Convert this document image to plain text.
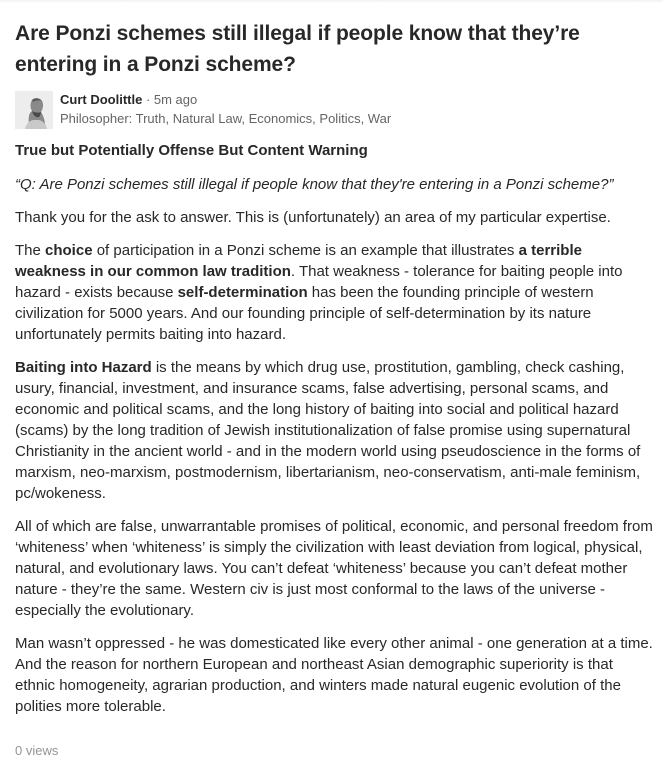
Are Ponzi schemes still illegal if people know that they’re entering in a Ponzi scheme?
Curt Doolittle · 5m ago
Philosopher: Truth, Natural Law, Economics, Politics, War

True but Potentially Offense But Content Warning

“Q: Are Ponzi schemes still illegal if people know that they're entering in a Ponzi scheme?”

Thank you for the ask to answer. This is (unfortunately) an area of my particular expertise.

The choice of participation in a Ponzi scheme is an example that illustrates a terrible weakness in our common law tradition. That weakness - tolerance for baiting people into hazard - exists because self-determination has been the founding principle of western civilization for 5000 years. And our founding principle of self-determination by its nature unfortunately permits baiting into hazard.

Baiting into Hazard is the means by which drug use, prostitution, gambling, check cashing, usury, financial, investment, and insurance scams, false advertising, personal scams, and economic and political scams, and the long history of baiting into social and political hazard (scams) by the long tradition of Jewish institutionalization of false promise using supernatural Christianity in the ancient world - and in the modern world using pseudoscience in the forms of marxism, neo-marxism, postmodernism, libertarianism, neo-conservatism, anti-male feminism, pc/wokeness.

All of which are false, unwarrantable promises of political, economic, and personal freedom from ‘whiteness’ when ‘whiteness’ is simply the civilization with least deviation from logical, physical, natural, and evolutionary laws. You can’t defeat ‘whiteness’ because you can’t defeat mother nature - they’re the same. Western civ is just most conformal to the laws of the universe - especially the evolutionary.

Man wasn’t oppressed - he was domesticated like every other animal - one generation at a time. And the reason for northern European and northeast Asian demographic superiority is that ethnic homogeneity, agrarian production, and winters made natural eugenic evolution of the polities more tolerable.

0 views
